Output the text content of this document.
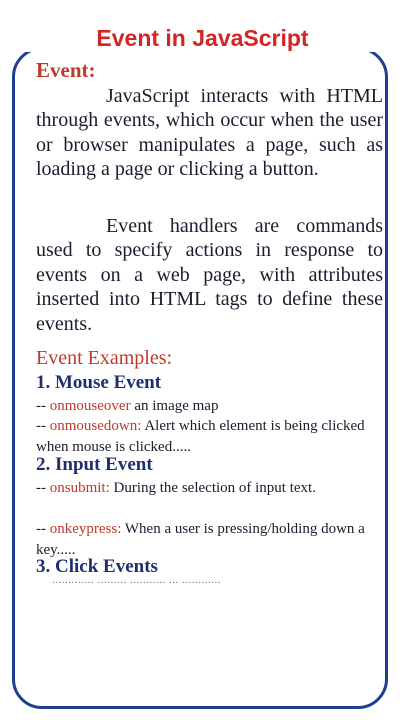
Event in JavaScript
Event:
JavaScript interacts with HTML through events, which occur when the user or browser manipulates a page, such as loading a page or clicking a button.
Event handlers are commands used to specify actions in response to events on a web page, with attributes inserted into HTML tags to define these events.
Event Examples:
1. Mouse Event
-- onmouseover an image map
-- onmousedown: Alert which element is being clicked when mouse is clicked.....
2. Input Event
-- onsubmit: During the selection of input text.
-- onkeypress: When a user is pressing/holding down a key.....
3. Click Events
............. ......... ........... ... ............
